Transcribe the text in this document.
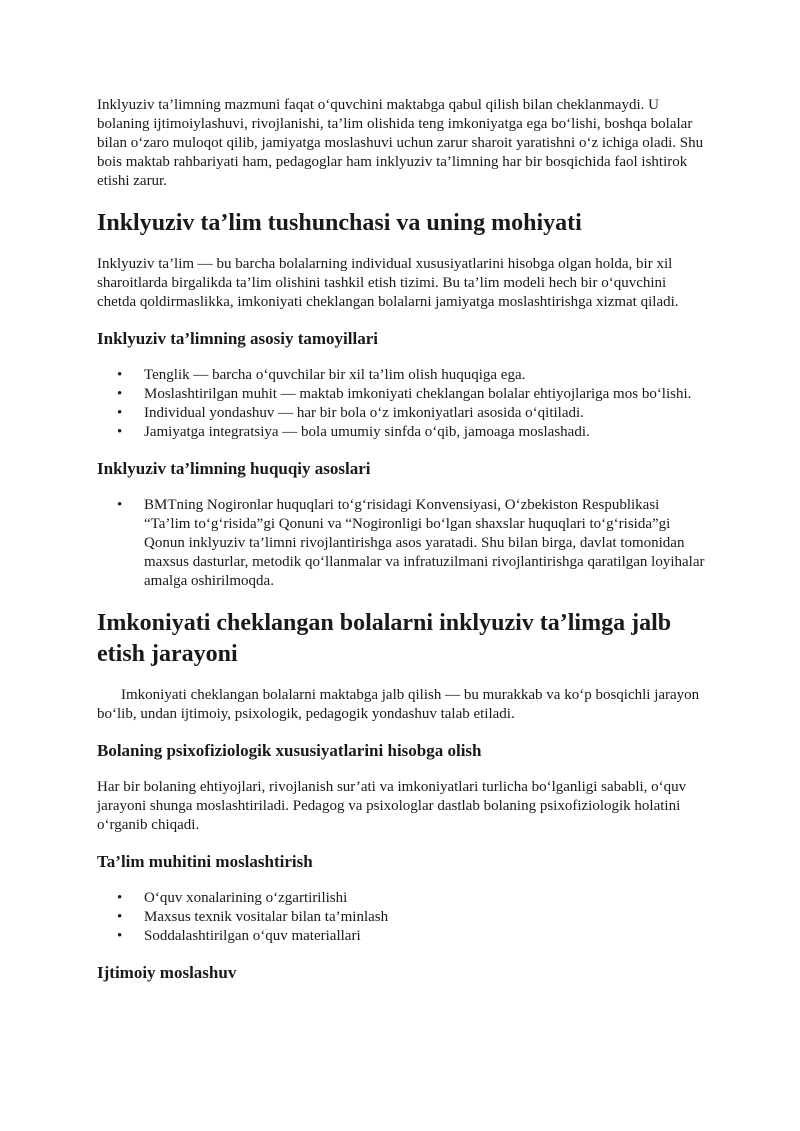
Inklyuziv ta’limning mazmuni faqat o‘quvchini maktabga qabul qilish bilan cheklanmaydi. U bolaning ijtimoiylashuvi, rivojlanishi, ta’lim olishida teng imkoniyatga ega bo‘lishi, boshqa bolalar bilan o‘zaro muloqot qilib, jamiyatga moslashuvi uchun zarur sharoit yaratishni o‘z ichiga oladi. Shu bois maktab rahbariyati ham, pedagoglar ham inklyuziv ta’limning har bir bosqichida faol ishtirok etishi zarur.

Inklyuziv ta’lim tushunchasi va uning mohiyati

Inklyuziv ta’lim — bu barcha bolalarning individual xususiyatlarini hisobga olgan holda, bir xil sharoitlarda birgalikda ta’lim olishini tashkil etish tizimi. Bu ta’lim modeli hech bir o‘quvchini chetda qoldirmaslikka, imkoniyati cheklangan bolalarni jamiyatga moslashtirishga xizmat qiladi.

Inklyuziv ta’limning asosiy tamoyillari
• Tenglik — barcha o‘quvchilar bir xil ta’lim olish huquqiga ega.
• Moslashtirilgan muhit — maktab imkoniyati cheklangan bolalar ehtiyojlariga mos bo‘lishi.
• Individual yondashuv — har bir bola o‘z imkoniyatlari asosida o‘qitiladi.
• Jamiyatga integratsiya — bola umumiy sinfda o‘qib, jamoaga moslashadi.
Inklyuziv ta’limning huquqiy asoslari
• BMTning Nogironlar huquqlari to‘g‘risidagi Konvensiyasi, O‘zbekiston Respublikasi “Ta’lim to‘g‘risida”gi Qonuni va “Nogironligi bo‘lgan shaxslar huquqlari to‘g‘risida”gi Qonun inklyuziv ta’limni rivojlantirishga asos yaratadi. Shu bilan birga, davlat tomonidan maxsus dasturlar, metodik qo‘llanmalar va infratuzilmani rivojlantirishga qaratilgan loyihalar amalga oshirilmoqda.
Imkoniyati cheklangan bolalarni inklyuziv ta’limga jalb etish jarayoni

Imkoniyati cheklangan bolalarni maktabga jalb qilish — bu murakkab va ko‘p bosqichli jarayon bo‘lib, undan ijtimoiy, psixologik, pedagogik yondashuv talab etiladi.

Bolaning psixofiziologik xususiyatlarini hisobga olish

Har bir bolaning ehtiyojlari, rivojlanish sur’ati va imkoniyatlari turlicha bo‘lganligi sababli, o‘quv jarayoni shunga moslashtiriladi. Pedagog va psixologlar dastlab bolaning psixofiziologik holatini o‘rganib chiqadi.

Ta’lim muhitini moslashtirish
• O‘quv xonalarining o‘zgartirilishi
• Maxsus texnik vositalar bilan ta’minlash
• Soddalashtirilgan o‘quv materiallari
Ijtimoiy moslashuv
